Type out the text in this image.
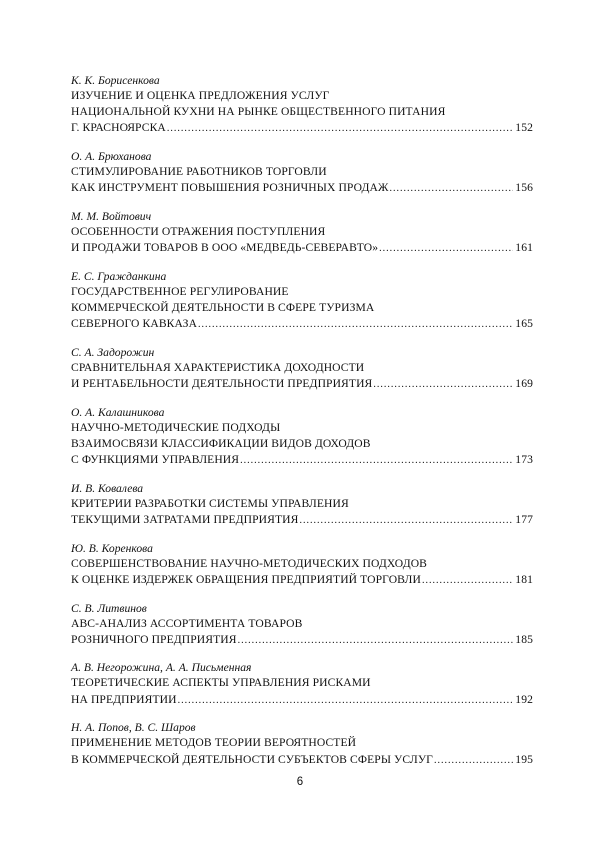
К. К. Борисенкова
ИЗУЧЕНИЕ И ОЦЕНКА ПРЕДЛОЖЕНИЯ УСЛУГ
НАЦИОНАЛЬНОЙ КУХНИ НА РЫНКЕ ОБЩЕСТВЕННОГО ПИТАНИЯ
Г. КРАСНОЯРСКА .....	152
О. А. Брюханова
СТИМУЛИРОВАНИЕ РАБОТНИКОВ ТОРГОВЛИ
КАК ИНСТРУМЕНТ ПОВЫШЕНИЯ РОЗНИЧНЫХ ПРОДАЖ .....	156
М. М. Войтович
ОСОБЕННОСТИ ОТРАЖЕНИЯ ПОСТУПЛЕНИЯ
И ПРОДАЖИ ТОВАРОВ В ООО «МЕДВЕДЬ-СЕВЕРАВТО» .....	161
Е. С. Гражданкина
ГОСУДАРСТВЕННОЕ РЕГУЛИРОВАНИЕ
КОММЕРЧЕСКОЙ ДЕЯТЕЛЬНОСТИ В СФЕРЕ ТУРИЗМА
СЕВЕРНОГО КАВКАЗА .....	165
С. А. Задорожин
СРАВНИТЕЛЬНАЯ ХАРАКТЕРИСТИКА ДОХОДНОСТИ
И РЕНТАБЕЛЬНОСТИ ДЕЯТЕЛЬНОСТИ ПРЕДПРИЯТИЯ .....	169
О. А. Калашникова
НАУЧНО-МЕТОДИЧЕСКИЕ ПОДХОДЫ
ВЗАИМОСВЯЗИ КЛАССИФИКАЦИИ ВИДОВ ДОХОДОВ
С ФУНКЦИЯМИ УПРАВЛЕНИЯ .....	173
И. В. Ковалева
КРИТЕРИИ РАЗРАБОТКИ СИСТЕМЫ УПРАВЛЕНИЯ
ТЕКУЩИМИ ЗАТРАТАМИ ПРЕДПРИЯТИЯ .....	177
Ю. В. Коренкова
СОВЕРШЕНСТВОВАНИЕ НАУЧНО-МЕТОДИЧЕСКИХ ПОДХОДОВ
К ОЦЕНКЕ ИЗДЕРЖЕК ОБРАЩЕНИЯ ПРЕДПРИЯТИЙ ТОРГОВЛИ .....	181
С. В. Литвинов
АВС-АНАЛИЗ АССОРТИМЕНТА ТОВАРОВ
РОЗНИЧНОГО ПРЕДПРИЯТИЯ .....	185
А. В. Негорожина, А. А. Письменная
ТЕОРЕТИЧЕСКИЕ АСПЕКТЫ УПРАВЛЕНИЯ РИСКАМИ
НА ПРЕДПРИЯТИИ .....	192
Н. А. Попов, В. С. Шаров
ПРИМЕНЕНИЕ МЕТОДОВ ТЕОРИИ ВЕРОЯТНОСТЕЙ
В КОММЕРЧЕСКОЙ ДЕЯТЕЛЬНОСТИ СУБЪЕКТОВ СФЕРЫ УСЛУГ .....	195
6
